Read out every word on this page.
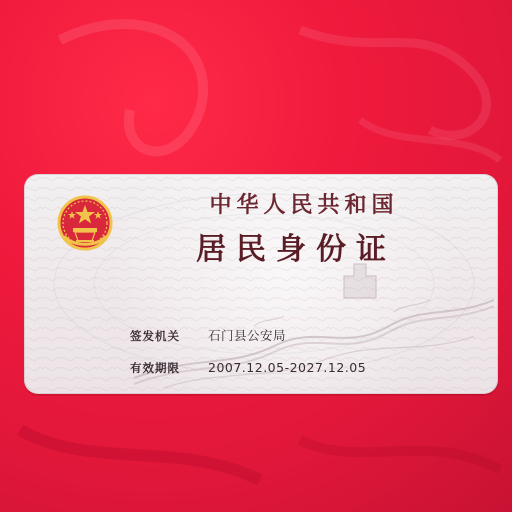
中华人民共和国
居民身份证
签发机关	石门县公安局
有效期限	2007.12.05-2027.12.05
